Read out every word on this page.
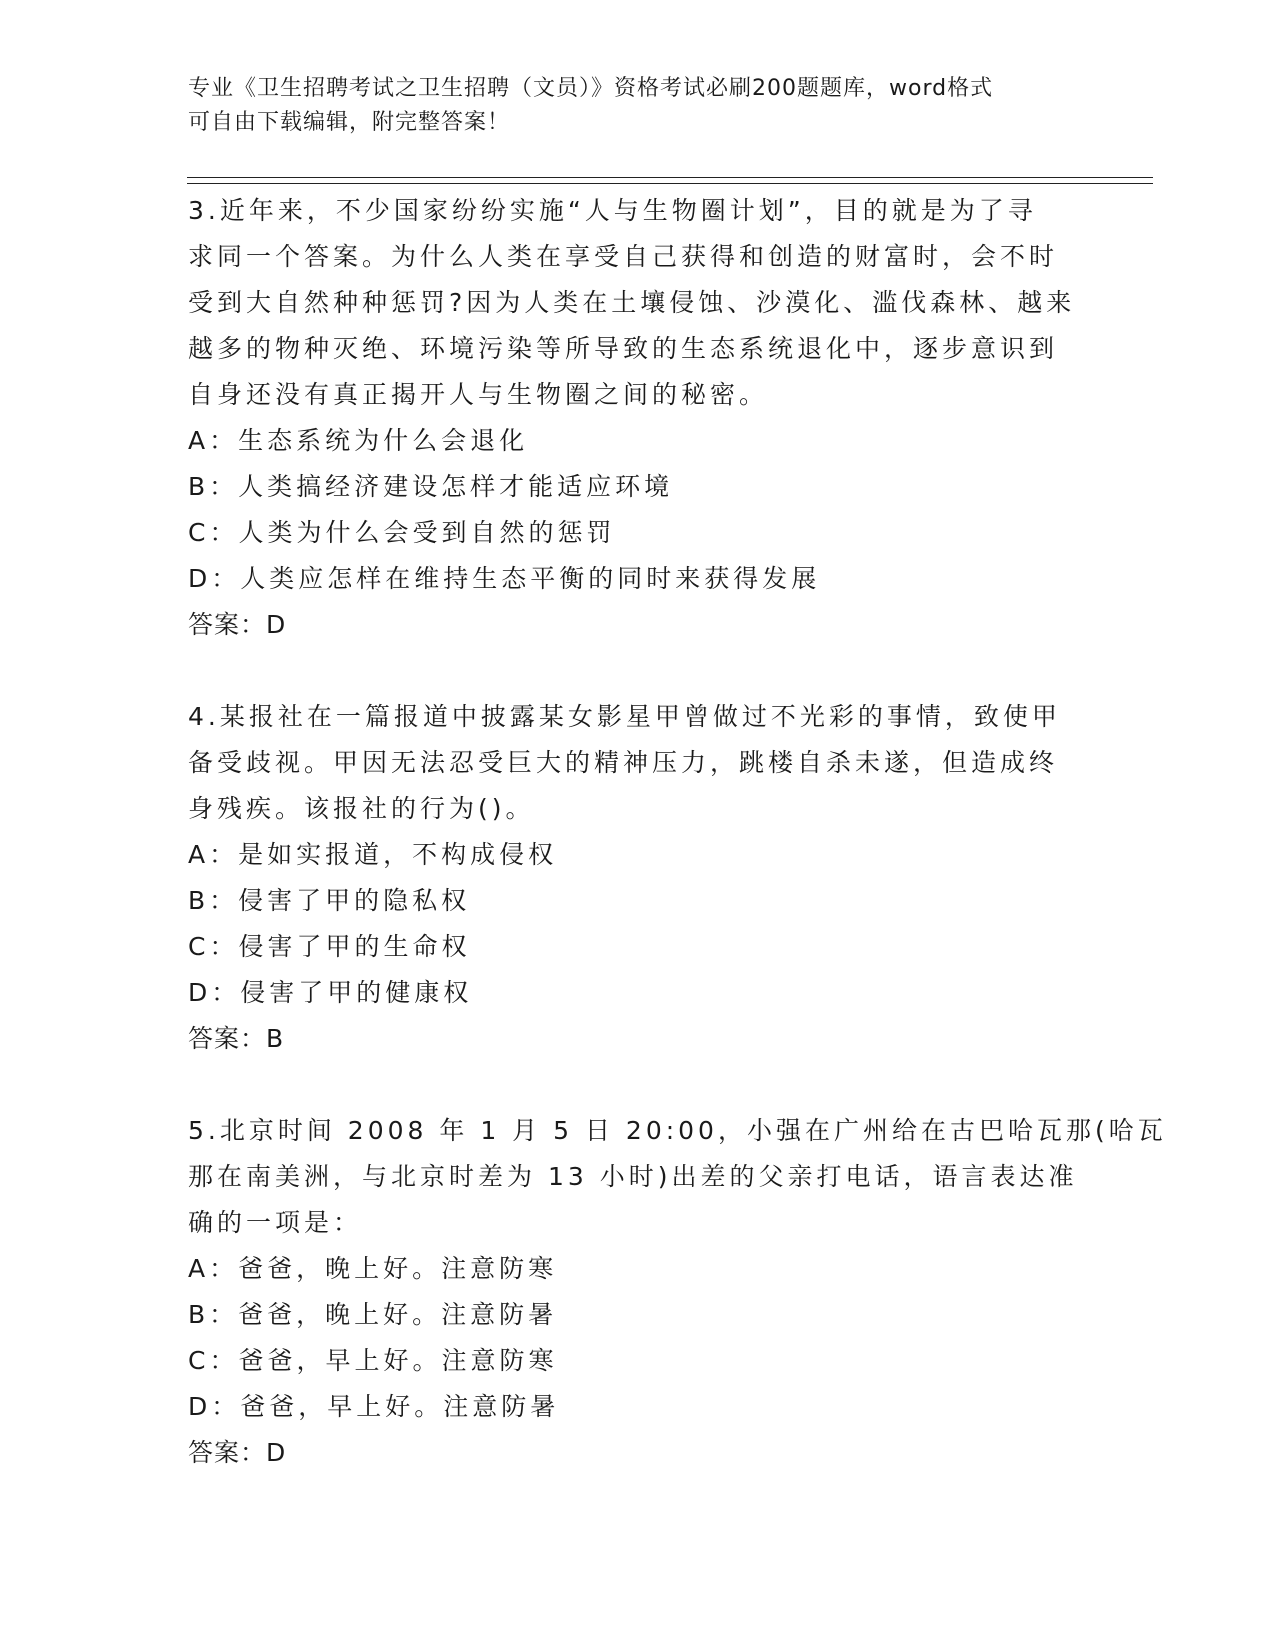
专业《卫生招聘考试之卫生招聘（文员）》资格考试必刷200题题库，word格式
可自由下载编辑，附完整答案！

3.近年来，不少国家纷纷实施“人与生物圈计划”，目的就是为了寻

求同一个答案。为什么人类在享受自己获得和创造的财富时，会不时

受到大自然种种惩罚?因为人类在土壤侵蚀、沙漠化、滥伐森林、越来

越多的物种灭绝、环境污染等所导致的生态系统退化中，逐步意识到

自身还没有真正揭开人与生物圈之间的秘密。

A：生态系统为什么会退化

B：人类搞经济建设怎样才能适应环境

C：人类为什么会受到自然的惩罚

D：人类应怎样在维持生态平衡的同时来获得发展

答案：D

4.某报社在一篇报道中披露某女影星甲曾做过不光彩的事情，致使甲

备受歧视。甲因无法忍受巨大的精神压力，跳楼自杀未遂，但造成终

身残疾。该报社的行为()。

A：是如实报道，不构成侵权

B：侵害了甲的隐私权

C：侵害了甲的生命权

D：侵害了甲的健康权

答案：B

5.北京时间 2008 年 1 月 5 日 20:00，小强在广州给在古巴哈瓦那(哈瓦

那在南美洲，与北京时差为 13 小时)出差的父亲打电话，语言表达准

确的一项是：

A：爸爸，晚上好。注意防寒

B：爸爸，晚上好。注意防暑

C：爸爸，早上好。注意防寒

D：爸爸，早上好。注意防暑

答案：D
